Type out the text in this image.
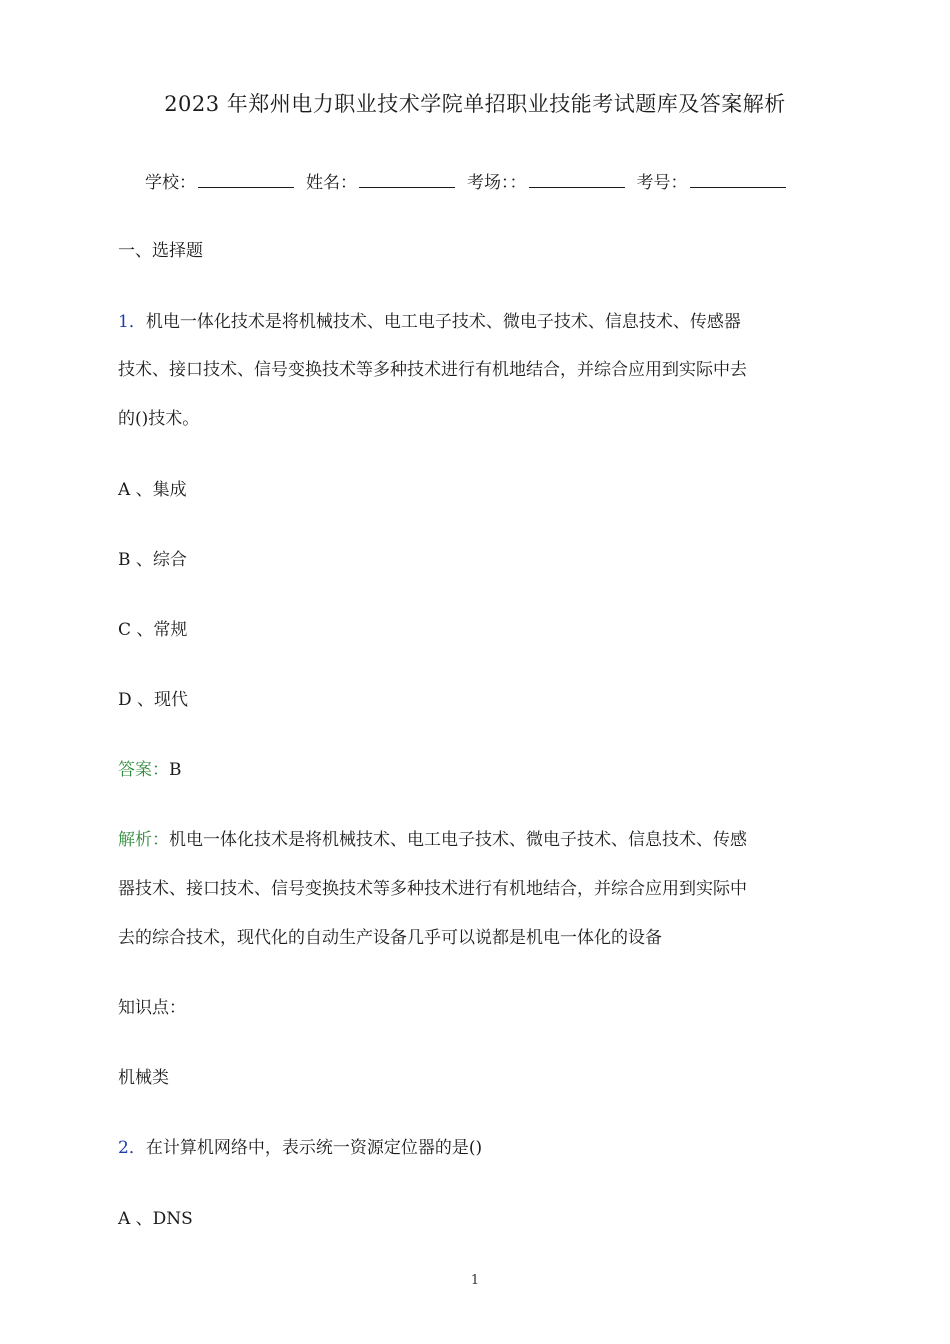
2023 年郑州电力职业技术学院单招职业技能考试题库及答案解析
学校：	姓名：	考场：：	考号：
一、选择题
1．机电一体化技术是将机械技术、电工电子技术、微电子技术、信息技术、传感器
技术、接口技术、信号变换技术等多种技术进行有机地结合，并综合应用到实际中去
的()技术。
A 、集成
B 、综合
C 、常规
D 、现代
答案：B
解析：机电一体化技术是将机械技术、电工电子技术、微电子技术、信息技术、传感
器技术、接口技术、信号变换技术等多种技术进行有机地结合，并综合应用到实际中
去的综合技术，现代化的自动生产设备几乎可以说都是机电一体化的设备
知识点：
机械类
2．在计算机网络中，表示统一资源定位器的是()
A 、DNS
1
